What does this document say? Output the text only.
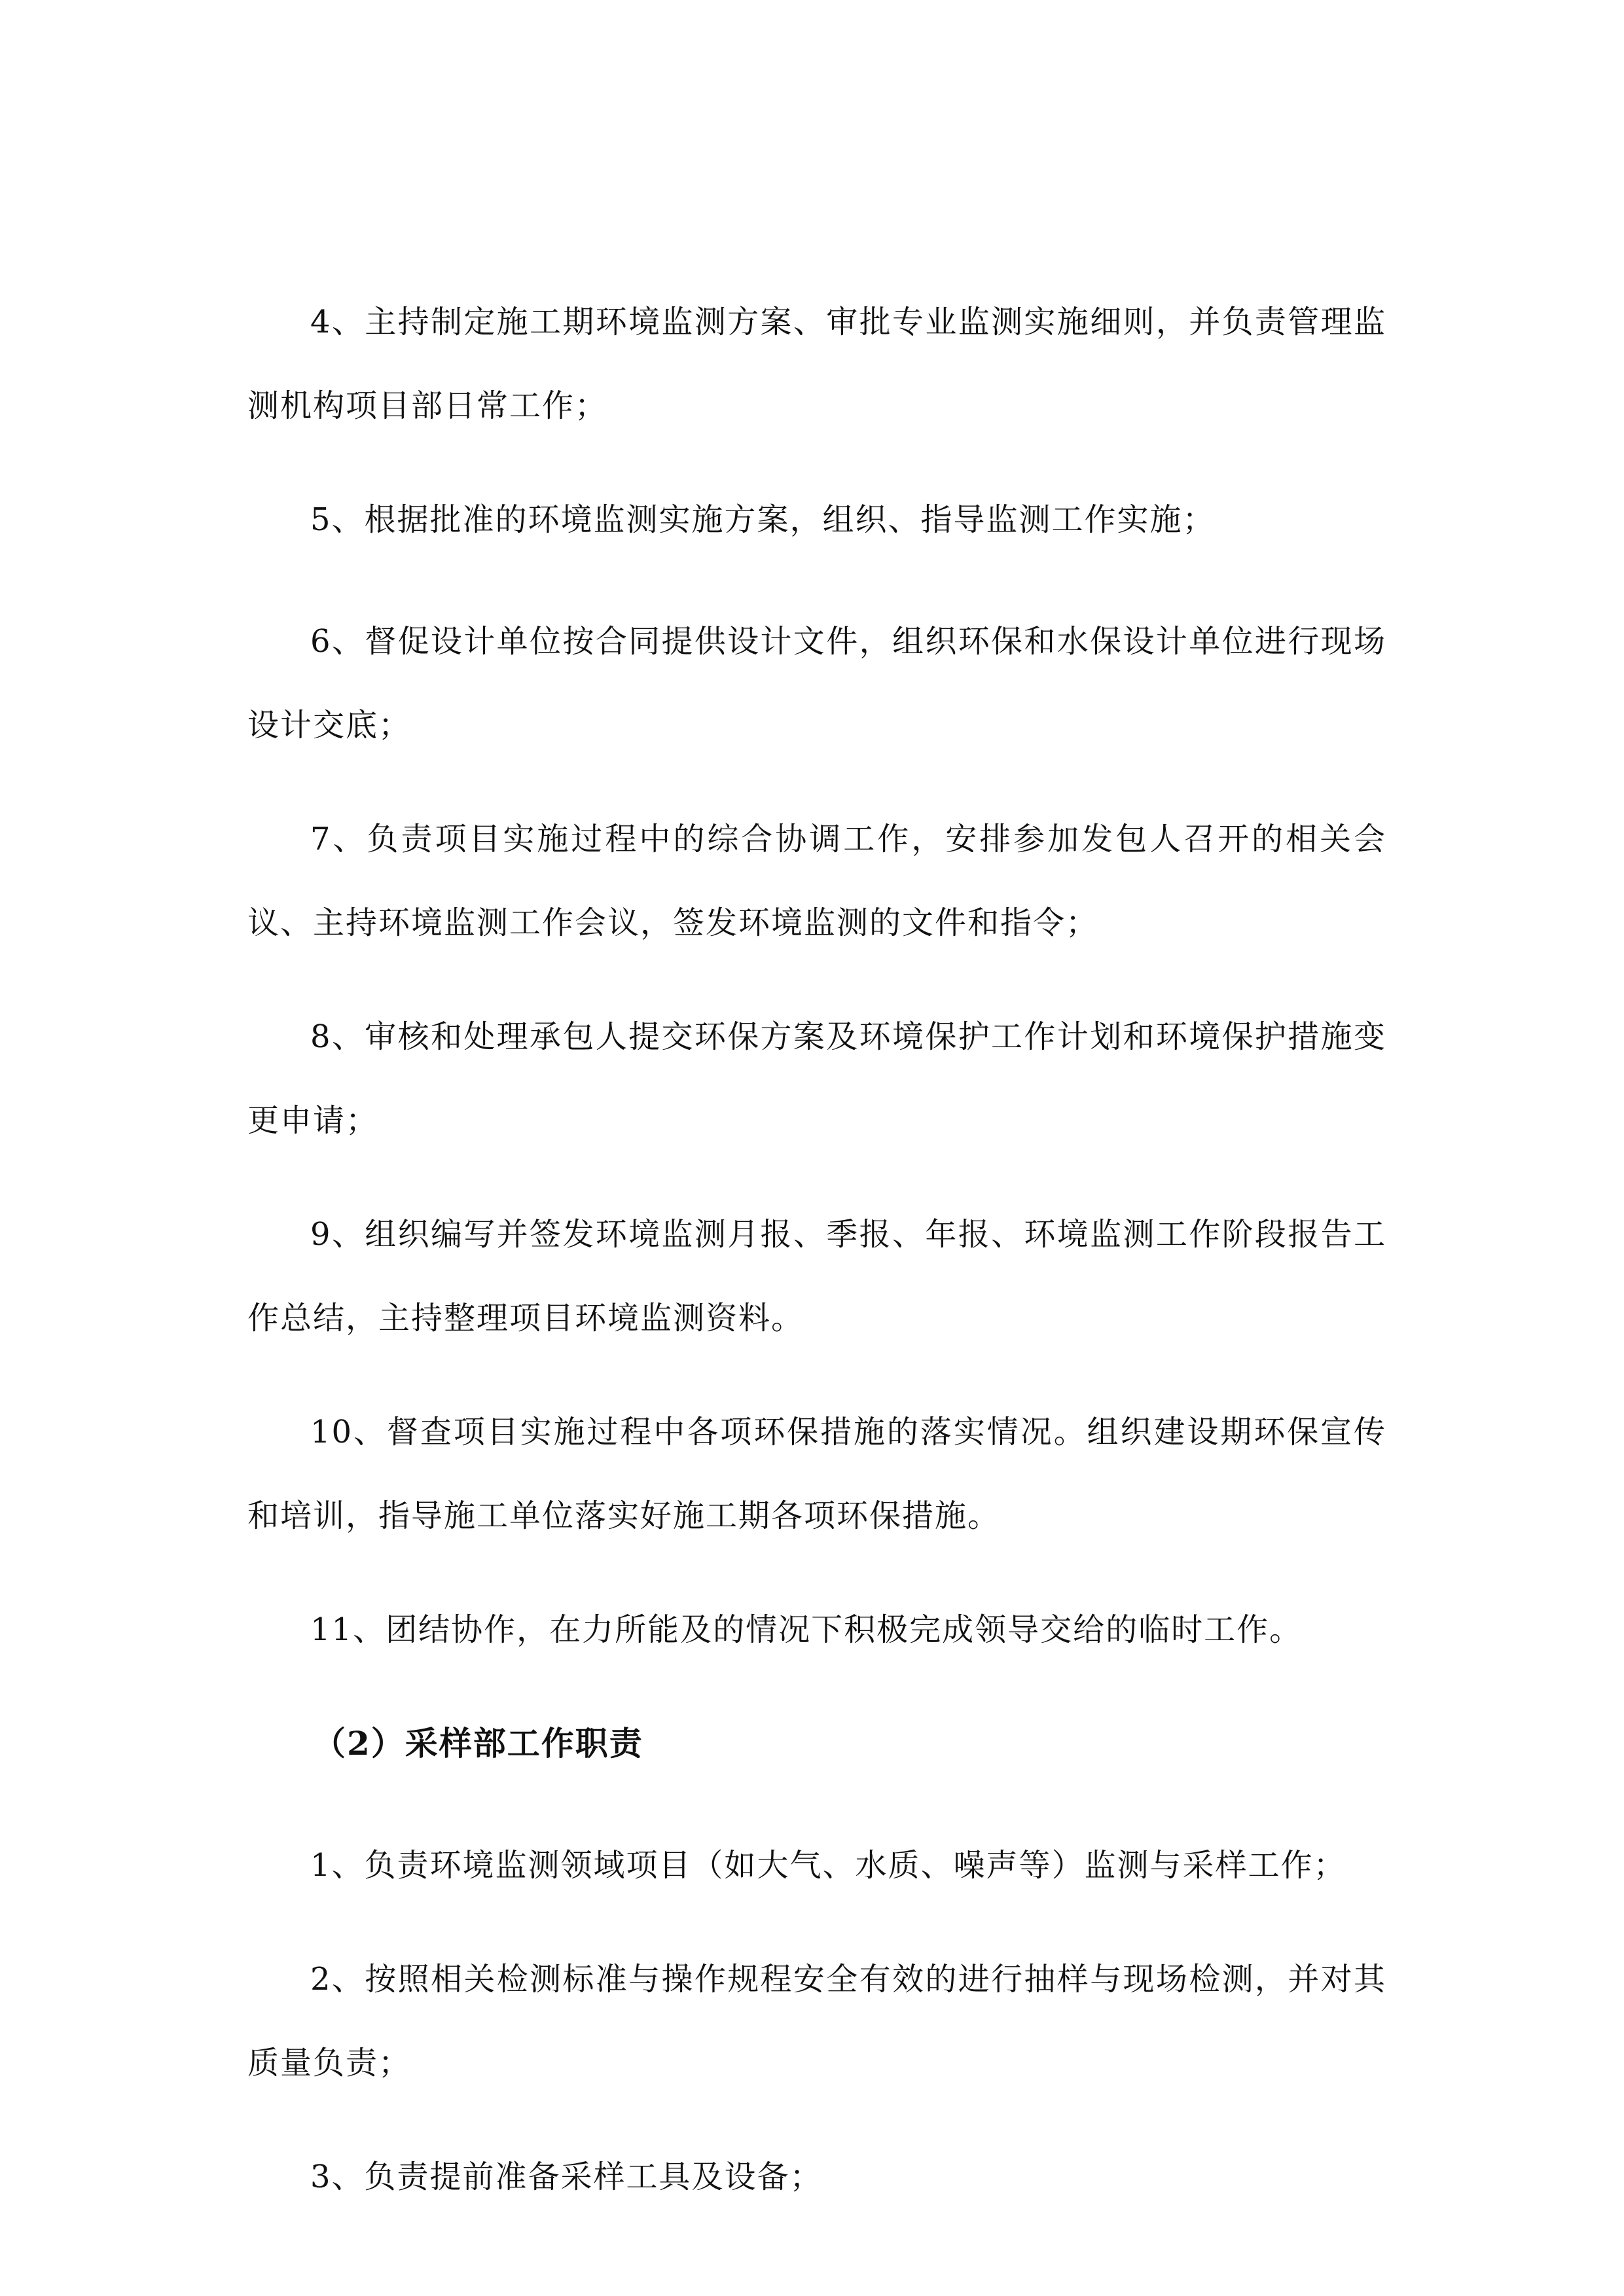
4、主持制定施工期环境监测方案、审批专业监测实施细则，并负责管理监 测机构项目部日常工作；

5、根据批准的环境监测实施方案，组织、指导监测工作实施；

6、督促设计单位按合同提供设计文件，组织环保和水保设计单位进行现场设计交底；

7、负责项目实施过程中的综合协调工作，安排参加发包人召开的相关会议、主持环境监测工作会议，签发环境监测的文件和指令；

8、审核和处理承包人提交环保方案及环境保护工作计划和环境保护措施变更申请；

9、组织编写并签发环境监测月报、季报、年报、环境监测工作阶段报告工作总结，主持整理项目环境监测资料。

10、督查项目实施过程中各项环保措施的落实情况。组织建设期环保宣传和培训，指导施工单位落实好施工期各项环保措施。

11、团结协作，在力所能及的情况下积极完成领导交给的临时工作。

（2）采样部工作职责

1、负责环境监测领域项目（如大气、水质、噪声等）监测与采样工作；

2、按照相关检测标准与操作规程安全有效的进行抽样与现场检测，并对其质量负责；

3、负责提前准备采样工具及设备；
